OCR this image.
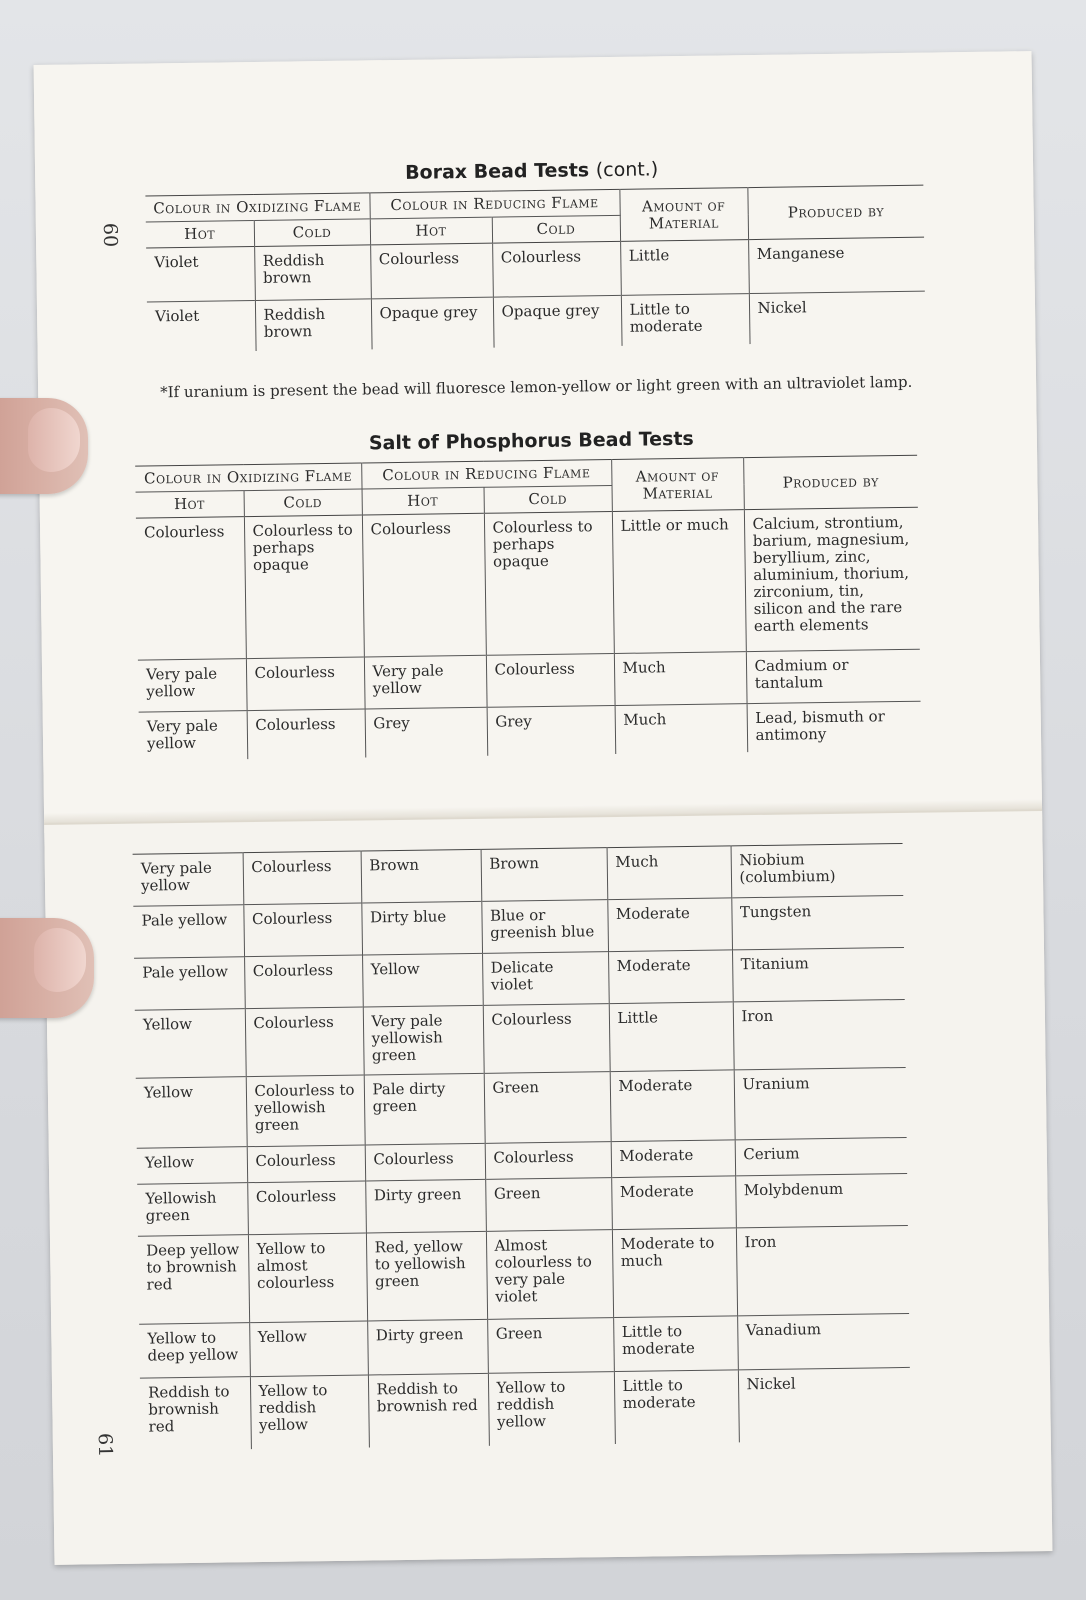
60
Borax Bead Tests (cont.)
Colour in Oxidizing Flame		Colour in Reducing Flame		Amount of Material	Produced by
Hot	Cold	Hot	Cold		
Violet	Reddish brown	Colourless	Colourless	Little	Manganese
Violet	Reddish brown	Opaque grey	Opaque grey	Little to moderate	Nickel
*If uranium is present the bead will fluoresce lemon-yellow or light green with an ultraviolet lamp.
Salt of Phosphorus Bead Tests
Colour in Oxidizing Flame		Colour in Reducing Flame		Amount of Material	Produced by
Hot	Cold	Hot	Cold		
Colourless	Colourless to perhaps opaque	Colourless	Colourless to perhaps opaque	Little or much	Calcium, strontium, barium, magnesium, beryllium, zinc, aluminium, thorium, zirconium, tin, silicon and the rare earth elements
Very pale yellow	Colourless	Very pale yellow	Colourless	Much	Cadmium or tantalum
Very pale yellow	Colourless	Grey	Grey	Much	Lead, bismuth or antimony
Very pale yellow	Colourless	Brown	Brown	Much	Niobium (columbium)
Pale yellow	Colourless	Dirty blue	Blue or greenish blue	Moderate	Tungsten
Pale yellow	Colourless	Yellow	Delicate violet	Moderate	Titanium
Yellow	Colourless	Very pale yellowish green	Colourless	Little	Iron
Yellow	Colourless to yellowish green	Pale dirty green	Green	Moderate	Uranium
Yellow	Colourless	Colourless	Colourless	Moderate	Cerium
Yellowish green	Colourless	Dirty green	Green	Moderate	Molybdenum
Deep yellow to brownish red	Yellow to almost colourless	Red, yellow to yellowish green	Almost colourless to very pale violet	Moderate to much	Iron
Yellow to deep yellow	Yellow	Dirty green	Green	Little to moderate	Vanadium
Reddish to brownish red	Yellow to reddish yellow	Reddish to brownish red	Yellow to reddish yellow	Little to moderate	Nickel
61
